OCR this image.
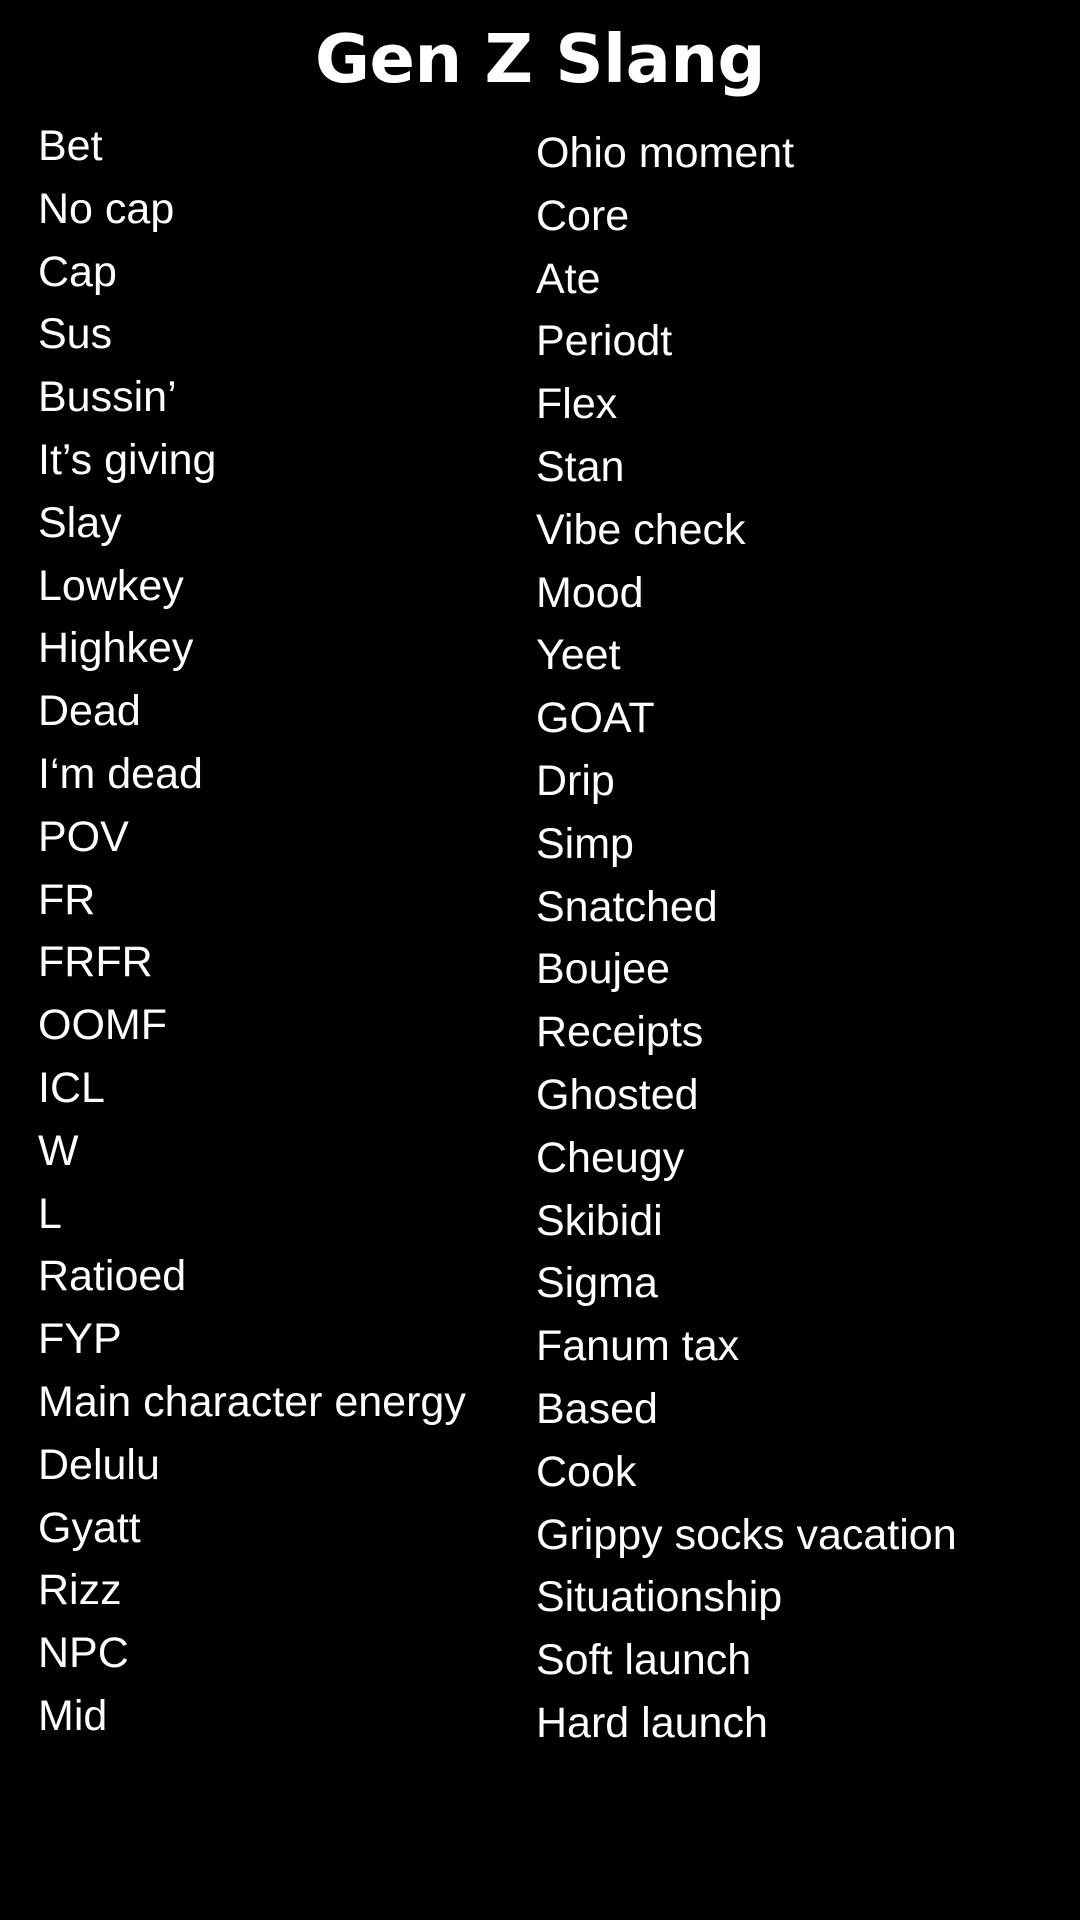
Gen Z Slang
Bet
No cap
Cap
Sus
Bussin’
It’s giving
Slay
Lowkey
Highkey
Dead
I‘m dead
POV
FR
FRFR
OOMF
ICL
W
L
Ratioed
FYP
Main character energy
Delulu
Gyatt
Rizz
NPC
Mid
Ohio moment
Core
Ate
Periodt
Flex
Stan
Vibe check
Mood
Yeet
GOAT
Drip
Simp
Snatched
Boujee
Receipts
Ghosted
Cheugy
Skibidi
Sigma
Fanum tax
Based
Cook
Grippy socks vacation
Situationship
Soft launch
Hard launch
